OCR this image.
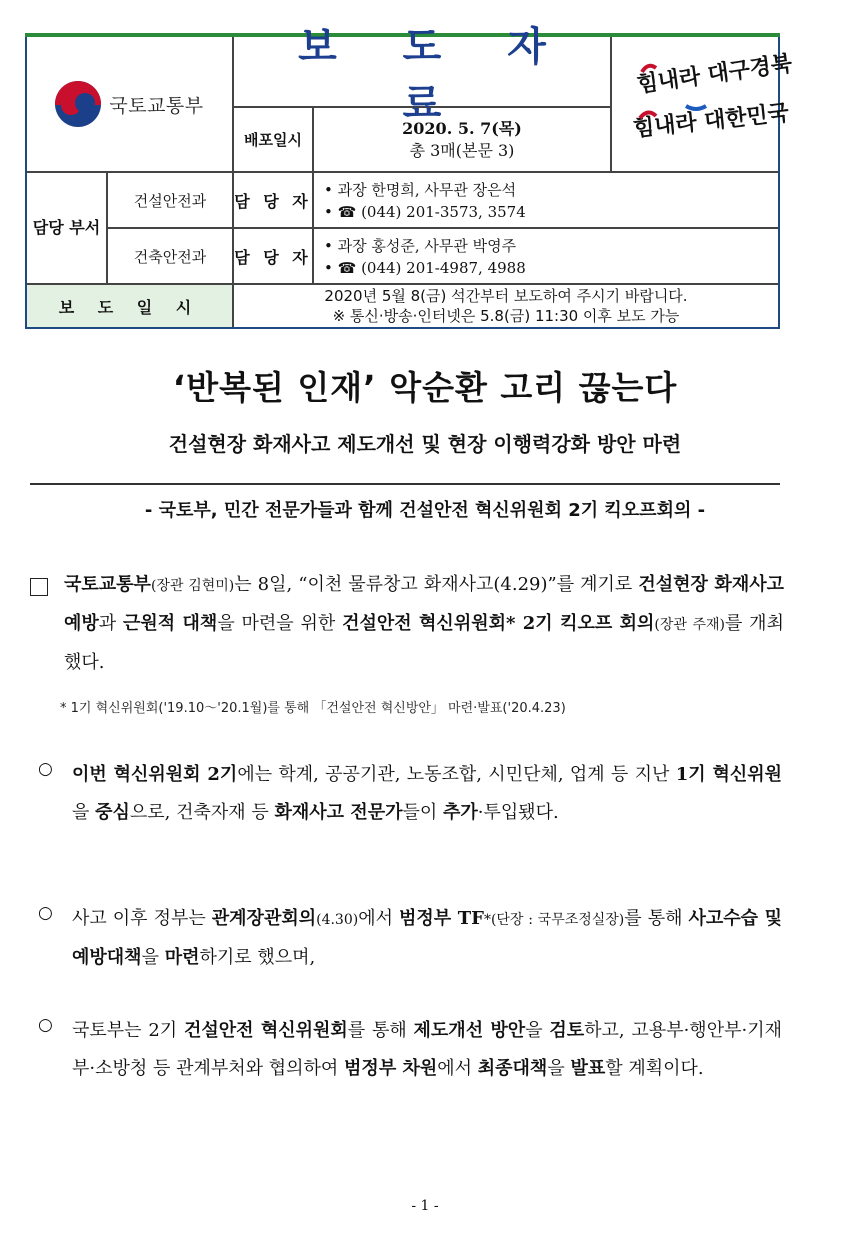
국토교통부
보 도 자 료
배포일시
2020. 5. 7(목)
총 3매(본문 3)
힘내라 대구경북
힘내라 대한민국
담당 부서
건설안전과	담 당 자
• 과장 한명희, 사무관 장은석
• ☎ (044) 201-3573, 3574
건축안전과	담 당 자
• 과장 홍성준, 사무관 박영주
• ☎ (044) 201-4987, 4988
보 도 일 시
2020년 5월 8(금) 석간부터 보도하여 주시기 바랍니다.
※ 통신·방송·인터넷은 5.8(금) 11:30 이후 보도 가능
‘반복된 인재’ 악순환 고리 끊는다
건설현장 화재사고 제도개선 및 현장 이행력강화 방안 마련
- 국토부, 민간 전문가들과 함께 건설안전 혁신위원회 2기 킥오프회의 -
국토교통부(장관 김현미)는 8일, “이천 물류창고 화재사고(4.29)”를 계기로 건설현장 화재사고 예방과 근원적 대책을 마련을 위한 건설안전 혁신위원회* 2기 킥오프 회의(장관 주재)를 개최했다.
* 1기 혁신위원회('19.10～'20.1월)를 통해 「건설안전 혁신방안」 마련·발표('20.4.23)
○ 이번 혁신위원회 2기에는 학계, 공공기관, 노동조합, 시민단체, 업계 등 지난 1기 혁신위원을 중심으로, 건축자재 등 화재사고 전문가들이 추가·투입됐다.
○ 사고 이후 정부는 관계장관회의(4.30)에서 범정부 TF*(단장 : 국무조정실장)를 통해 사고수습 및 예방대책을 마련하기로 했으며,
○ 국토부는 2기 건설안전 혁신위원회를 통해 제도개선 방안을 검토하고, 고용부·행안부·기재부·소방청 등 관계부처와 협의하여 범정부 차원에서 최종대책을 발표할 계획이다.
- 1 -
